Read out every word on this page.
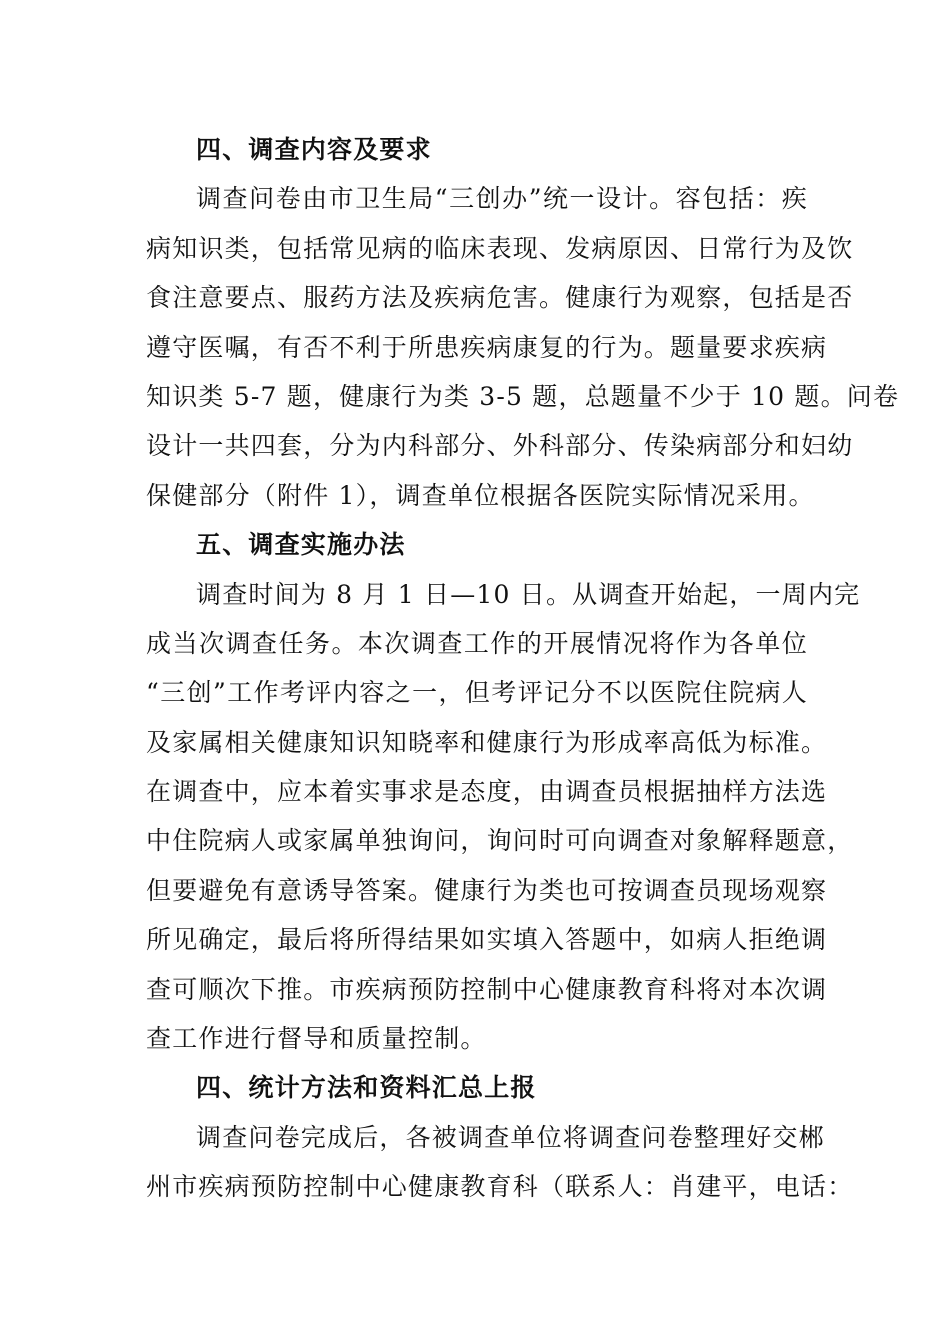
四、调查内容及要求

调查问卷由市卫生局“三创办”统一设计。容包括：疾
病知识类，包括常见病的临床表现、发病原因、日常行为及饮
食注意要点、服药方法及疾病危害。健康行为观察，包括是否
遵守医嘱，有否不利于所患疾病康复的行为。题量要求疾病
知识类 5-7 题，健康行为类 3-5 题，总题量不少于 10 题。问卷
设计一共四套，分为内科部分、外科部分、传染病部分和妇幼
保健部分（附件 1），调查单位根据各医院实际情况采用。

五、调查实施办法

调查时间为 8 月 1 日—10 日。从调查开始起，一周内完
成当次调查任务。本次调查工作的开展情况将作为各单位
“三创”工作考评内容之一，但考评记分不以医院住院病人
及家属相关健康知识知晓率和健康行为形成率高低为标准。
在调查中，应本着实事求是态度，由调查员根据抽样方法选
中住院病人或家属单独询问，询问时可向调查对象解释题意，
但要避免有意诱导答案。健康行为类也可按调查员现场观察
所见确定，最后将所得结果如实填入答题中，如病人拒绝调
查可顺次下推。市疾病预防控制中心健康教育科将对本次调
查工作进行督导和质量控制。

四、统计方法和资料汇总上报

调查问卷完成后，各被调查单位将调查问卷整理好交郴
州市疾病预防控制中心健康教育科（联系人：肖建平，电话：
